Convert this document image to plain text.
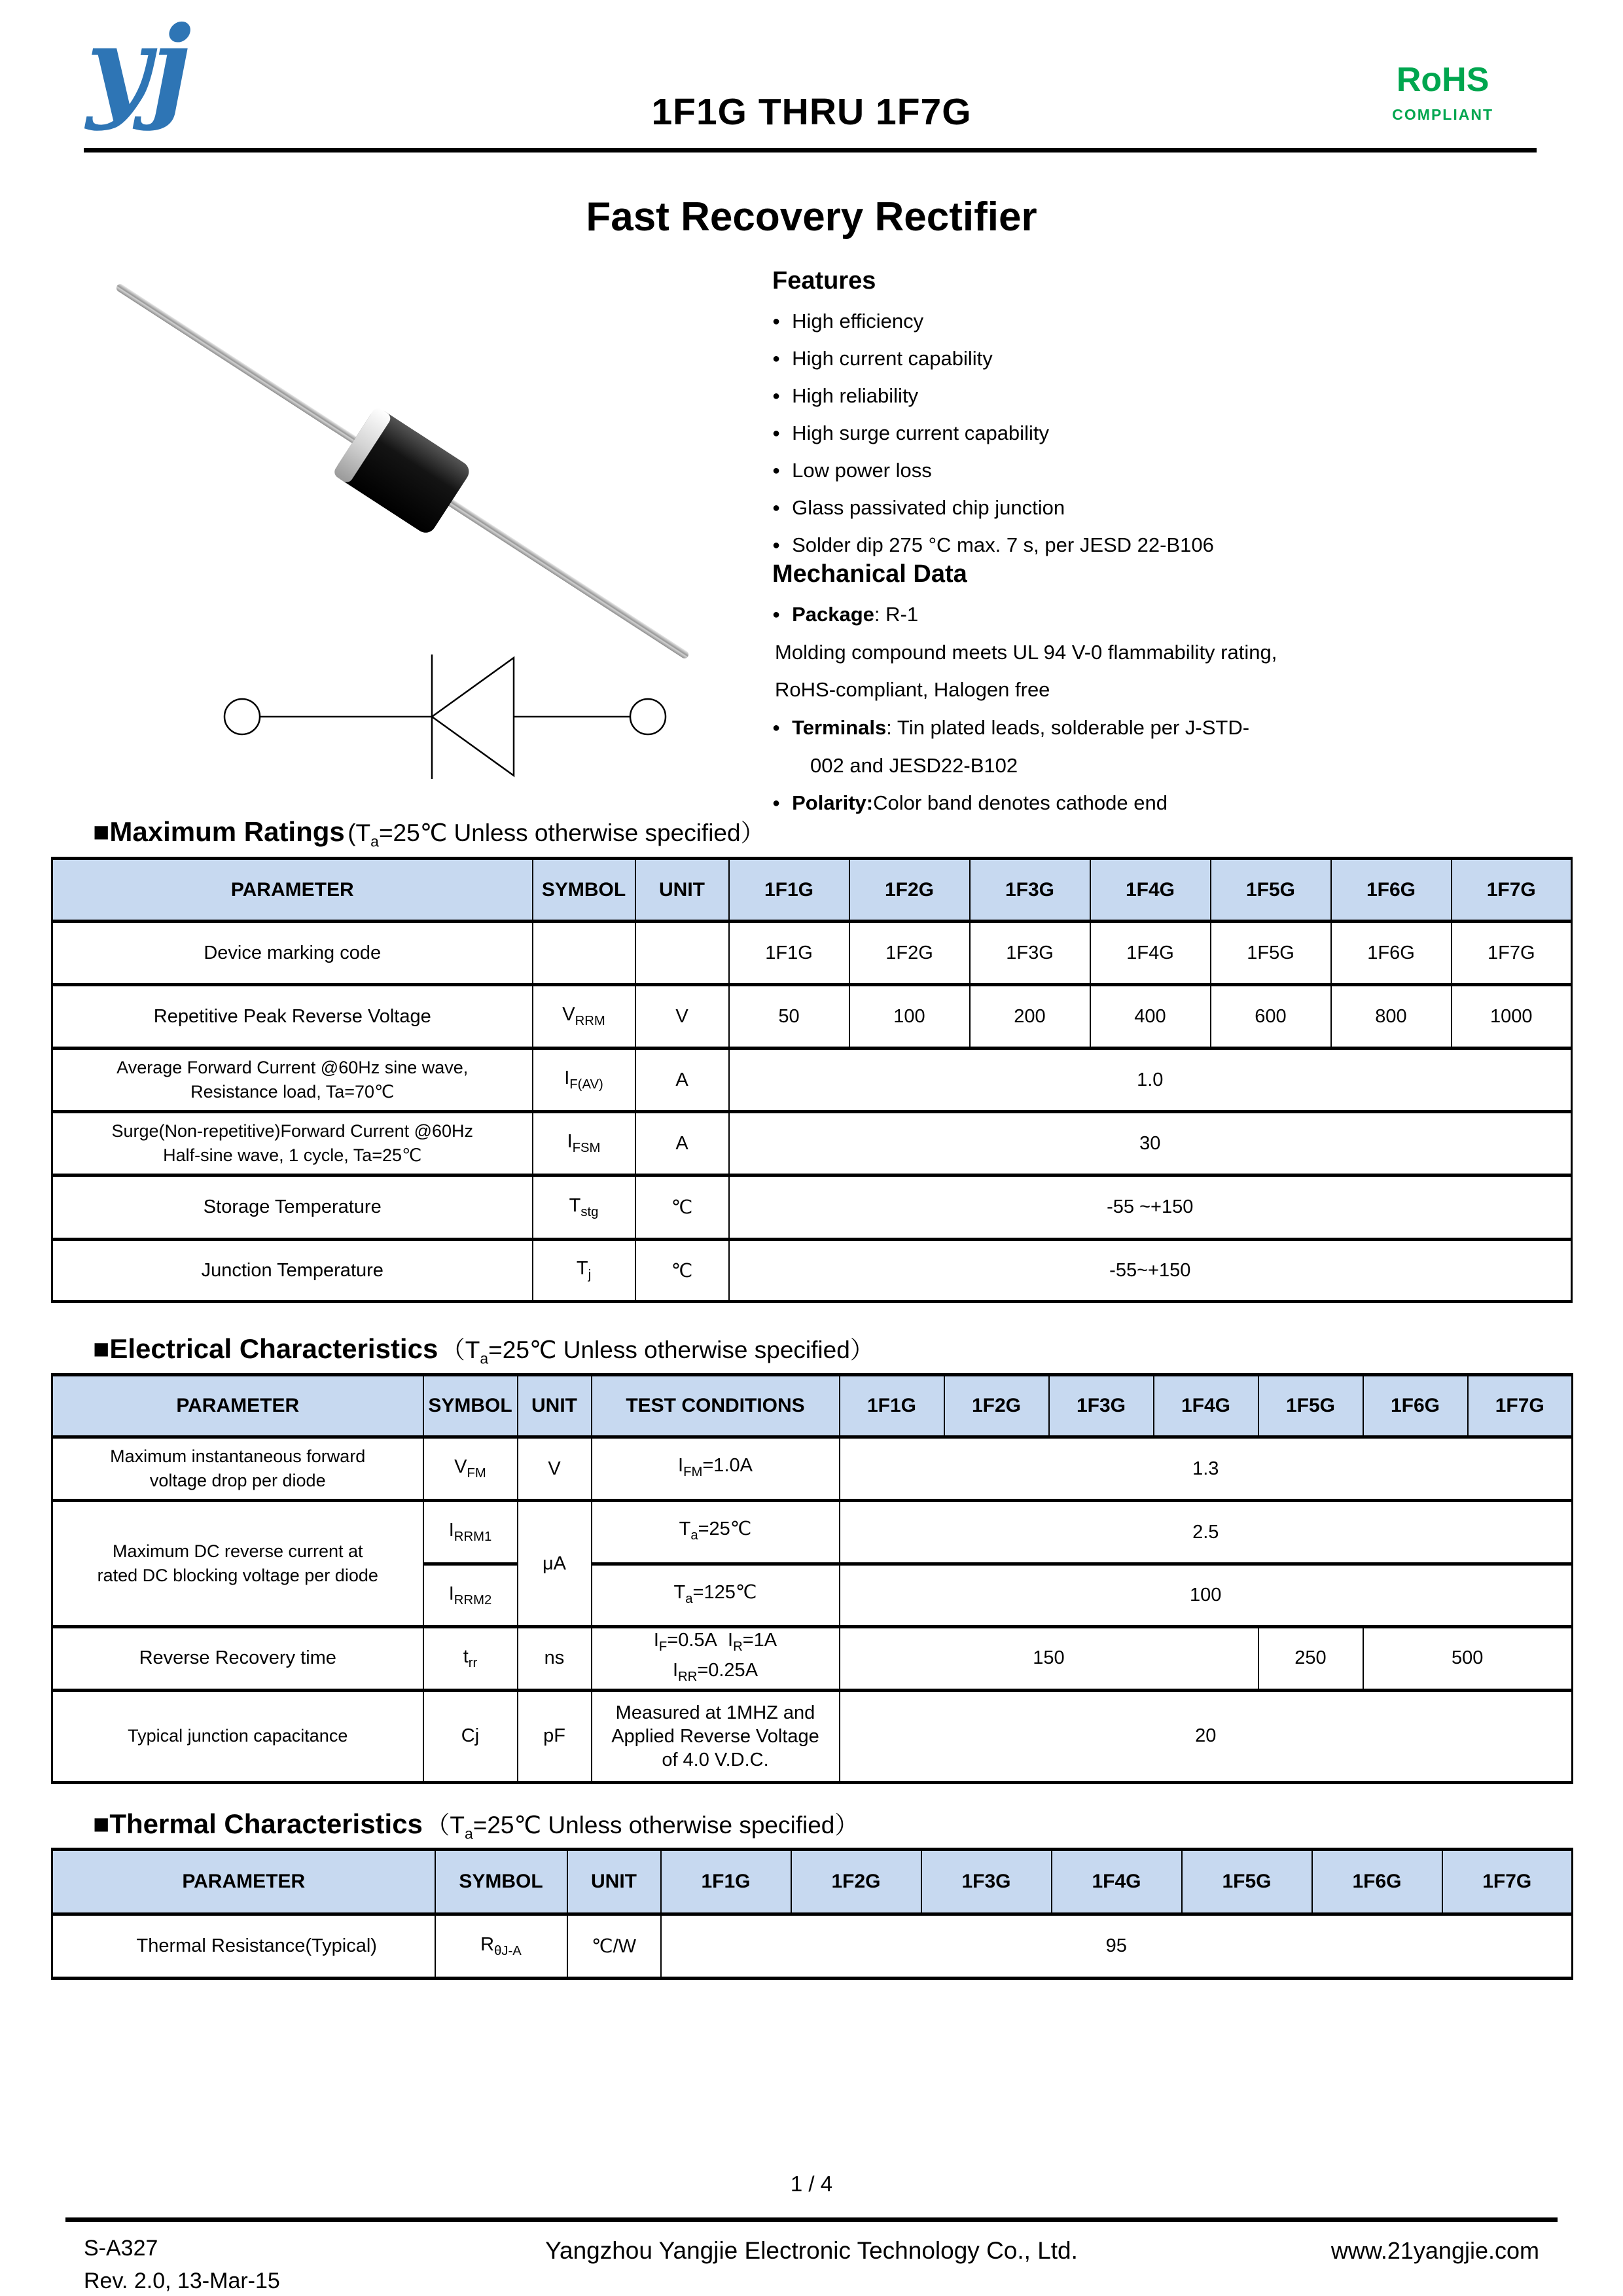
yj	1F1G THRU 1F7G
RoHS
COMPLIANT
Fast Recovery Rectifier
Features
● High efficiency
● High current capability
● High reliability
● High surge current capability
● Low power loss
● Glass passivated chip junction
● Solder dip 275 °C max. 7 s, per JESD 22-B106
Mechanical Data
● Package: R-1
Molding compound meets UL 94 V-0 flammability rating,
RoHS-compliant, Halogen free
● Terminals: Tin plated leads, solderable per J-STD-
002 and JESD22-B102
● Polarity:Color band denotes cathode end
■Maximum Ratings ($T_a=25℃$ Unless otherwise specified）
PARAMETER	SYMBOL	UNIT	1F1G	1F2G	1F3G	1F4G	1F5G	1F6G	1F7G
Device marking code			1F1G	1F2G	1F3G	1F4G	1F5G	1F6G	1F7G
Repetitive Peak Reverse Voltage	$V_{RRM}$	V	50	100	200	400	600	800	1000

Average Forward Current @60Hz sine wave,
Resistance load, Ta=70℃	$I_{F(AV)}$	A	1.0						

Surge(Non-repetitive)Forward Current @60Hz
Half-sine wave, 1 cycle, Ta=25℃	$I_{FSM}$	A	30						
Storage Temperature	$T_{stg}$	℃	-55 ~+150						
Junction Temperature	$T_j$	℃	-55~+150						
■Electrical Characteristics （$T_a=25℃$ Unless otherwise specified）
PARAMETER	SYMBOL	UNIT	TEST CONDITIONS	1F1G	1F2G	1F3G	1F4G	1F5G	1F6G	1F7G

Maximum instantaneous forward
voltage drop per diode	$V_{FM}$	V	$I_{FM}=1.0A$	1.3						

Maximum DC reverse current at
rated DC blocking voltage per diode	$I_{RRM1}$	μA	$T_a=25℃$	2.5						
	$I_{RRM2}$		$T_a=125℃$	100						
Reverse Recovery time	$t_{rr}$	ns	$I_F=0.5A$ $I_R=1A$
$I_{RR}=0.25A$	150				250	500	
Typical junction capacitance	Cj	pF	Measured at 1MHZ and
Applied Reverse Voltage
of 4.0 V.D.C.	20						
■Thermal Characteristics （$T_a=25℃$ Unless otherwise specified）
PARAMETER	SYMBOL	UNIT	1F1G	1F2G	1F3G	1F4G	1F5G	1F6G	1F7G
Thermal Resistance(Typical)	$R_{\theta J-A}$	℃/W	95						
1 / 4
S-A327
Rev. 2.0, 13-Mar-15
Yangzhou Yangjie Electronic Technology Co., Ltd.	www.21yangjie.com
